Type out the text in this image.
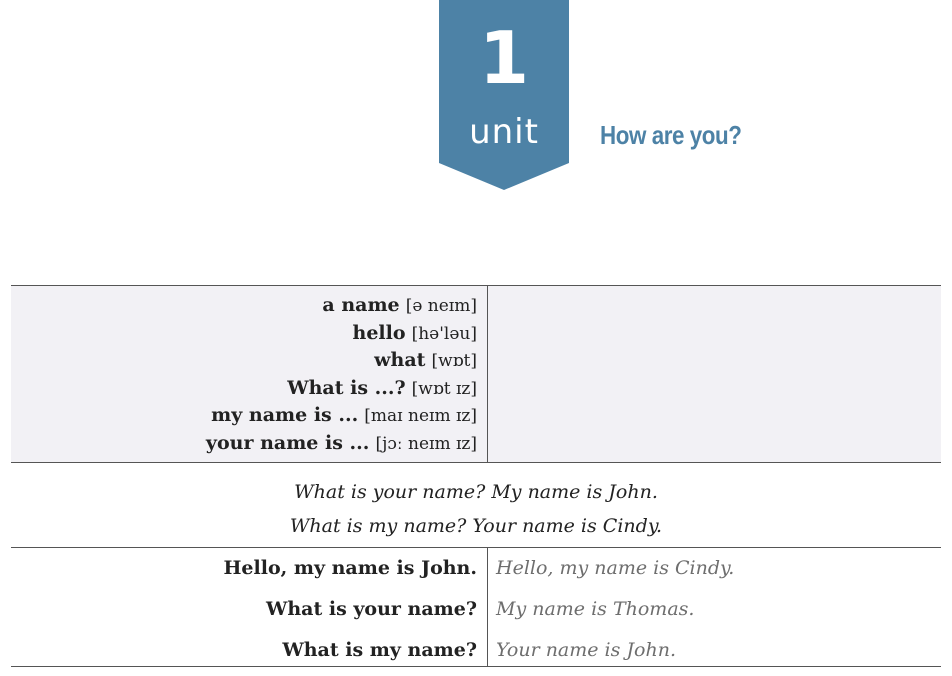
1
unit	How are you?
a name [ə neɪm]
hello [hə'ləu]
what [wɒt]
What is ...? [wɒt ɪz]
my name is ... [maɪ neɪm ɪz]
your name is ... [jɔː neɪm ɪz]
What is your name? My name is John.
What is my name? Your name is Cindy.
Hello, my name is John. Hello, my name is Cindy.
What is your name? My name is Thomas.
What is my name? Your name is John.
